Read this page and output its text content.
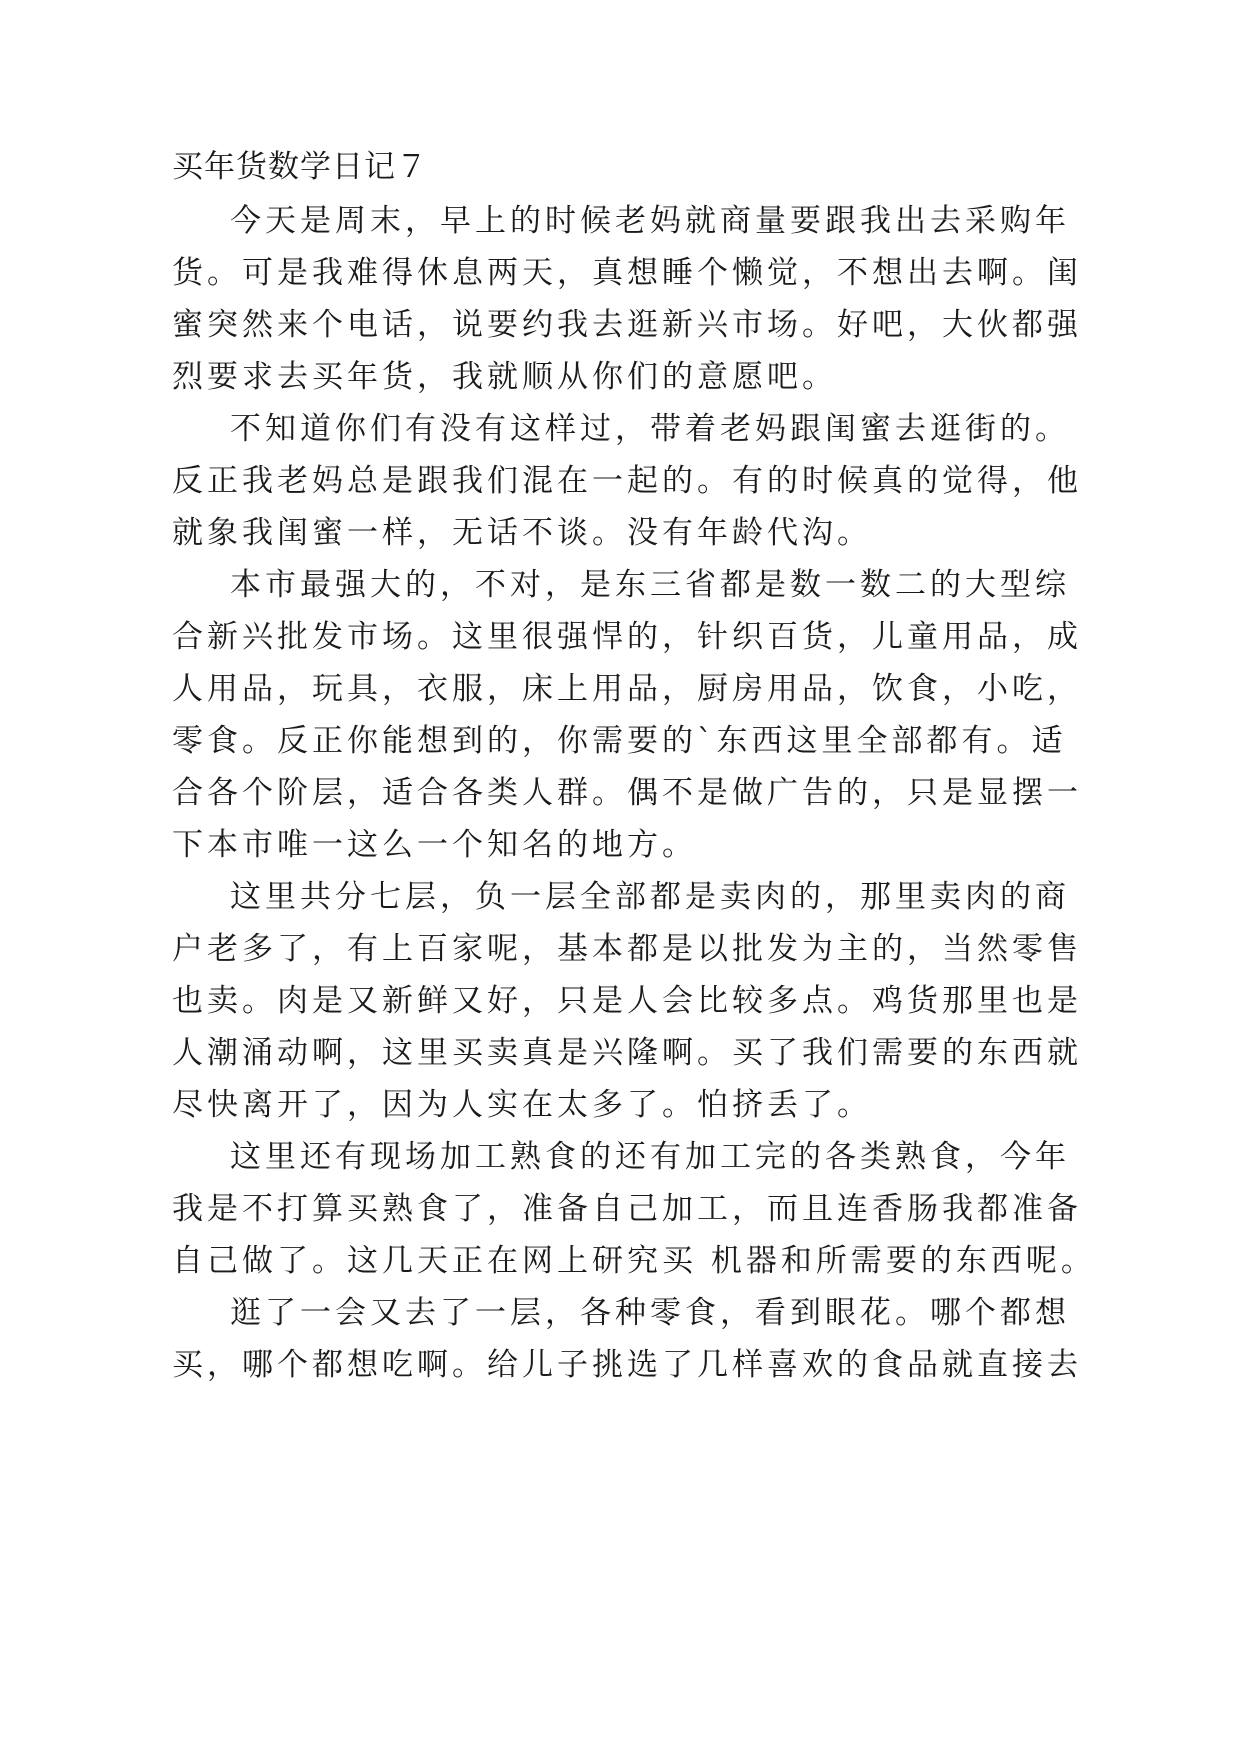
买年货数学日记７
今天是周末，早上的时候老妈就商量要跟我出去采购年
货。可是我难得休息两天，真想睡个懒觉，不想出去啊。闺
蜜突然来个电话，说要约我去逛新兴市场。好吧，大伙都强
烈要求去买年货，我就顺从你们的意愿吧。
不知道你们有没有这样过，带着老妈跟闺蜜去逛街的。
反正我老妈总是跟我们混在一起的。有的时候真的觉得，他
就象我闺蜜一样，无话不谈。没有年龄代沟。
本市最强大的，不对，是东三省都是数一数二的大型综
合新兴批发市场。这里很强悍的，针织百货，儿童用品，成
人用品，玩具，衣服，床上用品，厨房用品，饮食，小吃，
零食。反正你能想到的，你需要的`东西这里全部都有。适
合各个阶层，适合各类人群。偶不是做广告的，只是显摆一
下本市唯一这么一个知名的地方。
这里共分七层，负一层全部都是卖肉的，那里卖肉的商
户老多了，有上百家呢，基本都是以批发为主的，当然零售
也卖。肉是又新鲜又好，只是人会比较多点。鸡货那里也是
人潮涌动啊，这里买卖真是兴隆啊。买了我们需要的东西就
尽快离开了，因为人实在太多了。怕挤丢了。
这里还有现场加工熟食的还有加工完的各类熟食，今年
我是不打算买熟食了，准备自己加工，而且连香肠我都准备
自己做了。这几天正在网上研究买 机器和所需要的东西呢。
逛了一会又去了一层，各种零食，看到眼花。哪个都想
买，哪个都想吃啊。给儿子挑选了几样喜欢的食品就直接去
